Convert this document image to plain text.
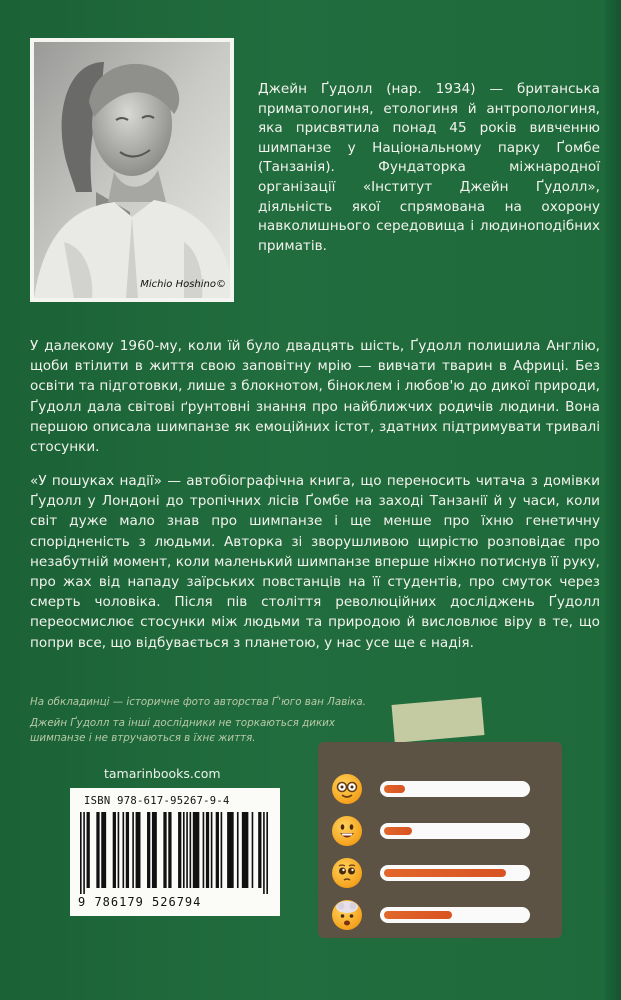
Michio Hoshino©

Джейн Ґудолл (нар. 1934) — британська приматологиня, етологиня й антропологиня, яка присвятила понад 45 років вивченню шимпанзе у Національному парку Ґомбе (Танзанія). Фундаторка міжнародної організації «Інститут Джейн Ґудолл», діяльність якої спрямована на охорону навколишнього середовища і людиноподібних приматів.

У далекому 1960-му, коли їй було двадцять шість, Ґудолл полишила Англію, щоби втілити в життя свою заповітну мрію — вивчати тварин в Африці. Без освіти та підготовки, лише з блокнотом, біноклем і любов'ю до дикої природи, Ґудолл дала світові ґрунтовні знання про найближчих родичів людини. Вона першою описала шимпанзе як емоційних істот, здатних підтримувати тривалі стосунки.

«У пошуках надії» — автобіографічна книга, що переносить читача з домівки Ґудолл у Лондоні до тропічних лісів Ґомбе на заході Танзанії й у часи, коли світ дуже мало знав про шимпанзе і ще менше про їхню генетичну спорідненість з людьми. Авторка зі зворушливою щирістю розповідає про незабутній момент, коли маленький шимпанзе вперше ніжно потиснув її руку, про жах від нападу заїрських повстанців на її студентів, про смуток через смерть чоловіка. Після пів століття революційних досліджень Ґудолл переосмислює стосунки між людьми та природою й висловлює віру в те, що попри все, що відбувається з планетою, у нас усе ще є надія.

На обкладинці — історичне фото авторства Ґ'юго ван Лавіка.

Джейн Ґудолл та інші дослідники не торкаються диких шимпанзе і не втручаються в їхнє життя.

tamarinbooks.com
ISBN 978-617-95267-9-4
9 786179 526794
